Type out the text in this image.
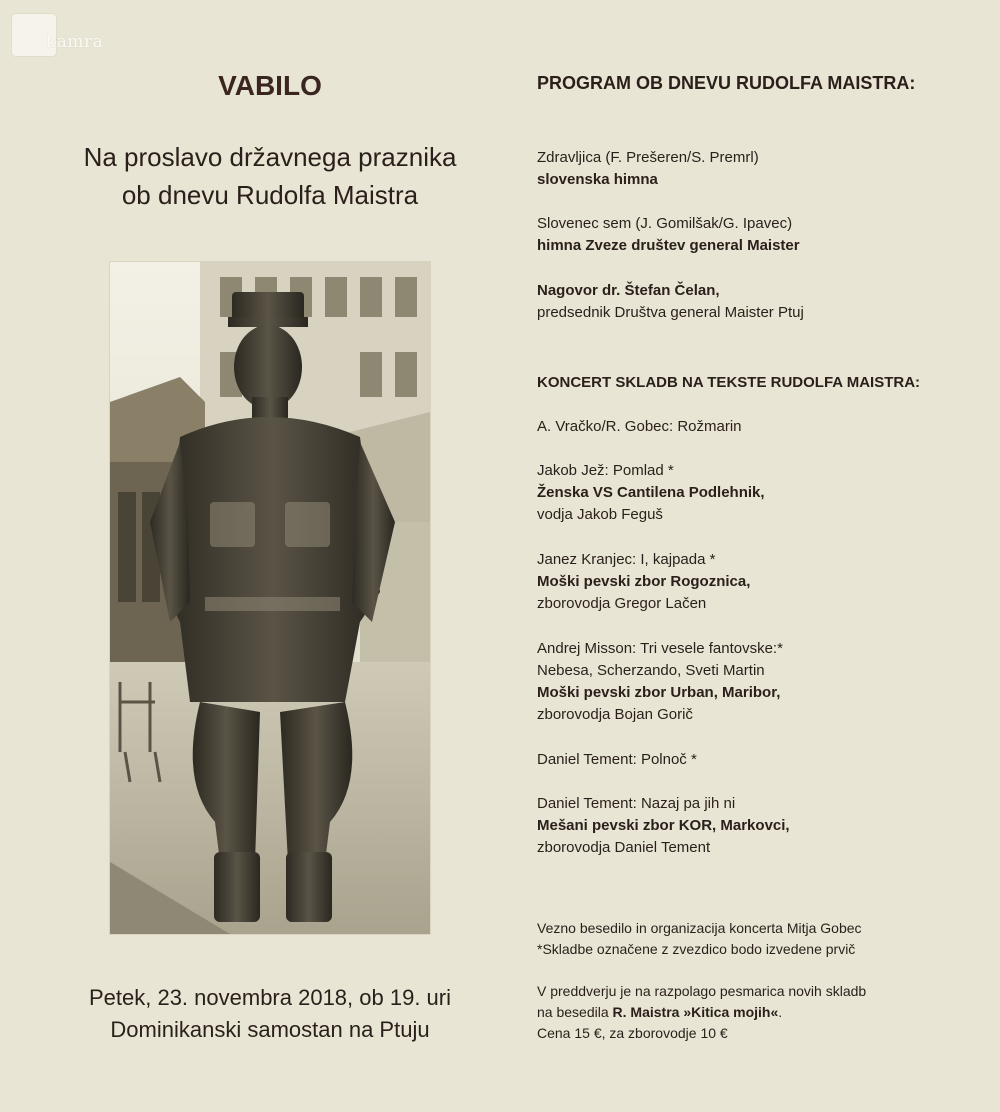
kamra
VABILO
Na proslavo državnega praznika
ob dnevu Rudolfa Maistra
Petek, 23. novembra 2018, ob 19. uri
Dominikanski samostan na Ptuju
PROGRAM OB DNEVU RUDOLFA MAISTRA:
Zdravljica (F. Prešeren/S. Premrl)
slovenska himna
Slovenec sem (J. Gomilšak/G. Ipavec)
himna Zveze društev general Maister
Nagovor dr. Štefan Čelan,
predsednik Društva general Maister Ptuj
KONCERT SKLADB NA TEKSTE RUDOLFA MAISTRA:
A. Vračko/R. Gobec: Rožmarin
Jakob Jež: Pomlad *
Ženska VS Cantilena Podlehnik,
vodja Jakob Feguš
Janez Kranjec: I, kajpada *
Moški pevski zbor Rogoznica,
zborovodja Gregor Lačen
Andrej Misson: Tri vesele fantovske:*
Nebesa, Scherzando, Sveti Martin
Moški pevski zbor Urban, Maribor,
zborovodja Bojan Gorič
Daniel Tement: Polnoč *
Daniel Tement: Nazaj pa jih ni
Mešani pevski zbor KOR, Markovci,
zborovodja Daniel Tement
Vezno besedilo in organizacija koncerta Mitja Gobec
*Skladbe označene z zvezdico bodo izvedene prvič
V preddverju je na razpolago pesmarica novih skladb
na besedila R. Maistra »Kitica mojih«.
Cena 15 €, za zborovodje 10 €
